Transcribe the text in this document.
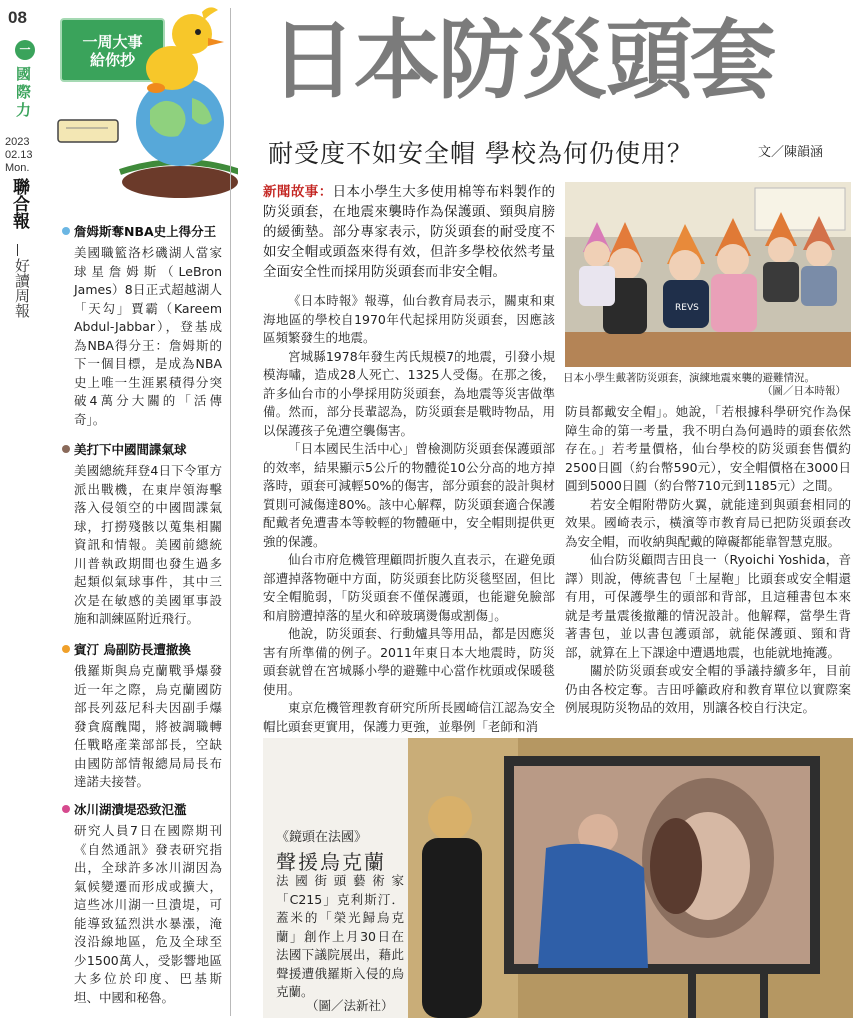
08
一
國際力
2023
02.13
Mon.
聯合報
好讀周報
一周大事
給你抄	日本防災頭套
耐受度不如安全帽 學校為何仍使用？	文／陳韻涵
詹姆斯奪NBA史上得分王
美國職籃洛杉磯湖人當家球星詹姆斯（LeBron James）8日正式超越湖人「天勾」賈霸（Kareem Abdul-Jabbar），登基成為NBA得分王：詹姆斯的下一個目標，是成為NBA史上唯一生涯累積得分突破4萬分大關的「活傳奇」。
美打下中國間諜氣球
美國總統拜登4日下令軍方派出戰機，在東岸領海擊落入侵領空的中國間諜氣球，打撈殘骸以蒐集相關資訊和情報。美國前總統川普執政期間也發生過多起類似氣球事件，其中三次是在敏感的美國軍事設施和訓練區附近飛行。
賓汀 烏副防長遭撤換
俄羅斯與烏克蘭戰爭爆發近一年之際，烏克蘭國防部長列茲尼科夫因副手爆發貪腐醜聞，將被調職轉任戰略產業部部長，空缺由國防部情報總局局長布達諾夫接替。
冰川湖潰堤恐致氾濫
研究人員7日在國際期刊《自然通訊》發表研究指出，全球許多冰川湖因為氣候變遷而形成或擴大，這些冰川湖一旦潰堤，可能導致猛烈洪水暴漲，淹沒沿線地區，危及全球至少1500萬人，受影響地區大多位於印度、巴基斯坦、中國和秘魯。
新聞故事：日本小學生大多使用棉等布料製作的防災頭套，在地震來襲時作為保護頭、頸與肩膀的緩衝墊。部分專家表示，防災頭套的耐受度不如安全帽或頭盔來得有效，但許多學校依然考量全面安全性而採用防災頭套而非安全帽。
REVS
日本小學生戴著防災頭套，演練地震來襲的避難情況。
（圖／日本時報）

《日本時報》報導，仙台教育局表示，關東和東海地區的學校自1970年代起採用防災頭套，因應該區頻繁發生的地震。

宮城縣1978年發生芮氏規模7的地震，引發小規模海嘯，造成28人死亡、1325人受傷。在那之後，許多仙台市的小學採用防災頭套，為地震等災害做準備。然而，部分長輩認為，防災頭套是戰時物品，用以保護孩子免遭空襲傷害。

「日本國民生活中心」曾檢測防災頭套保護頭部的效率，結果顯示5公斤的物體從10公分高的地方掉落時，頭套可減輕50%的傷害，部分頭套的設計與材質則可減傷達80%。該中心解釋，防災頭套適合保護配戴者免遭書本等較輕的物體砸中，安全帽則提供更強的保護。

仙台市府危機管理顧問折腹久直表示，在避免頭部遭掉落物砸中方面，防災頭套比防災毯堅固，但比安全帽脆弱，「防災頭套不僅保護頭，也能避免臉部和肩膀遭掉落的星火和碎玻璃燙傷或割傷」。

他說，防災頭套、行動爐具等用品，都是因應災害有所準備的例子。2011年東日本大地震時，防災頭套就曾在宮城縣小學的避難中心當作枕頭或保暖毯使用。

東京危機管理教育研究所所長國崎信江認為安全帽比頭套更實用，保護力更強，並舉例「老師和消

防員都戴安全帽」。她說，「若根據科學研究作為保障生命的第一考量，我不明白為何過時的頭套依然存在。」若考量價格，仙台學校的防災頭套售價約2500日圓（約台幣590元），安全帽價格在3000日圓到5000日圓（約台幣710元到1185元）之間。

若安全帽附帶防火翼，就能達到與頭套相同的效果。國崎表示，橫濱等市教育局已把防災頭套改為安全帽，而收納與配戴的障礙都能靠智慧克服。

仙台防災顧問吉田良一（Ryoichi Yoshida，音譯）則說，傳統書包「土屋鞄」比頭套或安全帽還有用，可保護學生的頭部和背部，且這種書包本來就是考量震後撤離的情況設計。他解釋，當學生背著書包，並以書包護頭部，就能保護頭、頸和背部，就算在上下課途中遭遇地震，也能就地掩護。

關於防災頭套或安全帽的爭議持續多年，目前仍由各校定奪。吉田呼籲政府和教育單位以實際案例展現防災物品的效用，別讓各校自行決定。

《鏡頭在法國》
聲援烏克蘭
法國街頭藝術家「C215」克利斯汀．蓋米的「榮光歸烏克蘭」創作上月30日在法國下議院展出，藉此聲援遭俄羅斯入侵的烏克蘭。
（圖／法新社）
